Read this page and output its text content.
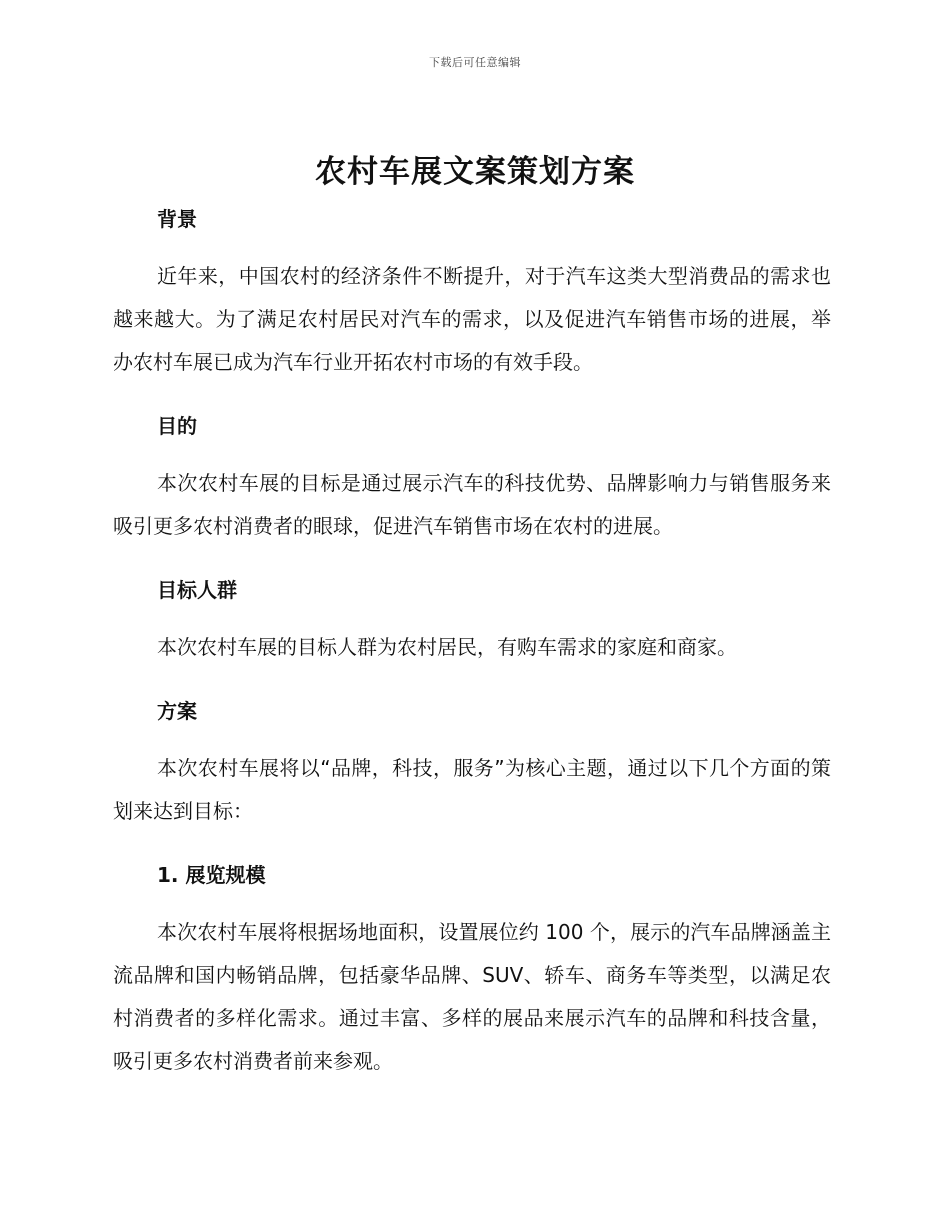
下载后可任意编辑
农村车展文案策划方案
背景

近年来，中国农村的经济条件不断提升，对于汽车这类大型消费品的需求也越来越大。为了满足农村居民对汽车的需求，以及促进汽车销售市场的进展，举办农村车展已成为汽车行业开拓农村市场的有效手段。

目的

本次农村车展的目标是通过展示汽车的科技优势、品牌影响力与销售服务来吸引更多农村消费者的眼球，促进汽车销售市场在农村的进展。

目标人群

本次农村车展的目标人群为农村居民，有购车需求的家庭和商家。

方案

本次农村车展将以“品牌，科技，服务”为核心主题，通过以下几个方面的策划来达到目标：

1. 展览规模

本次农村车展将根据场地面积，设置展位约 100 个，展示的汽车品牌涵盖主流品牌和国内畅销品牌，包括豪华品牌、SUV、轿车、商务车等类型，以满足农村消费者的多样化需求。通过丰富、多样的展品来展示汽车的品牌和科技含量，吸引更多农村消费者前来参观。
